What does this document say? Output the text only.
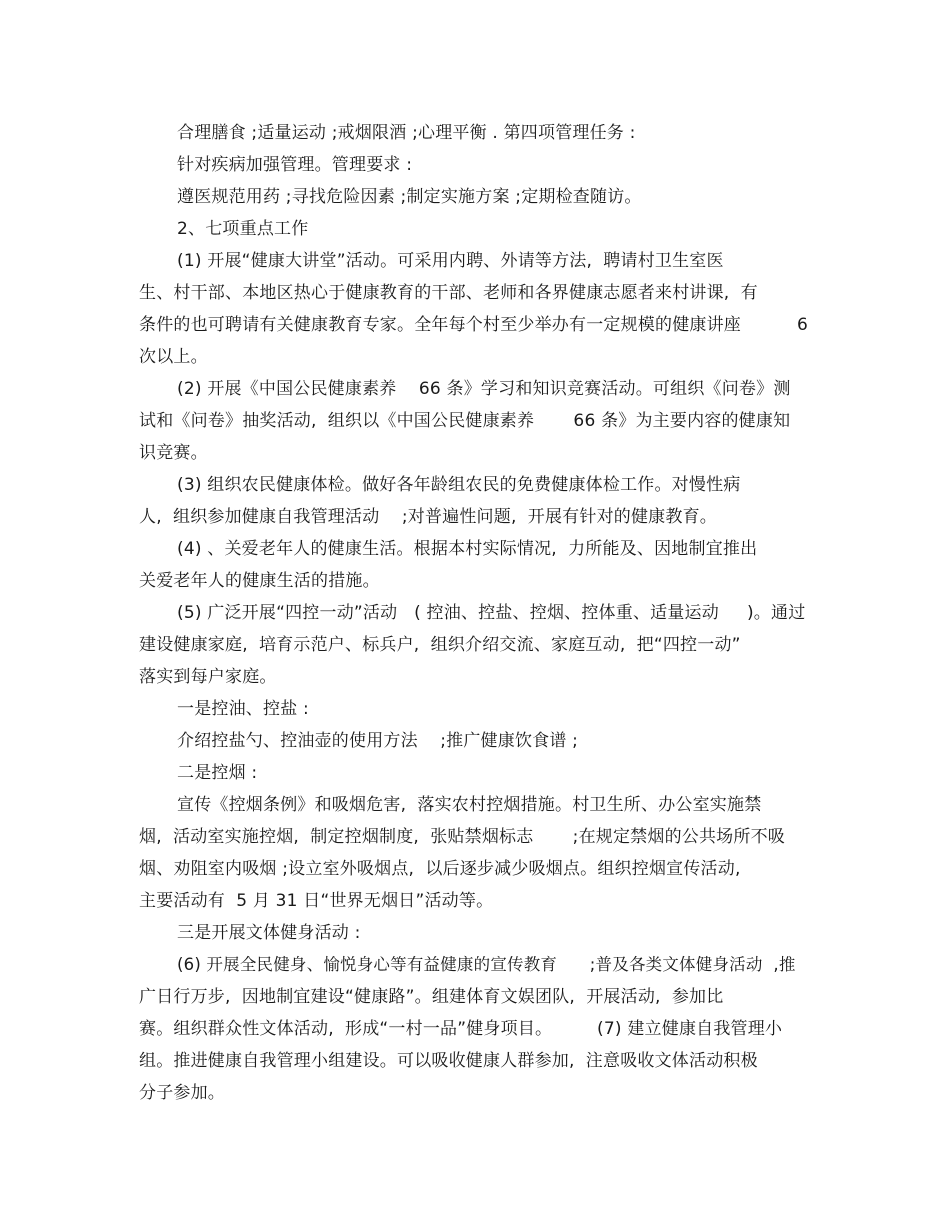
合理膳食 ;适量运动 ;戒烟限酒 ;心理平衡 . 第四项管理任务 :
针对疾病加强管理。管理要求 :
遵医规范用药 ;寻找危险因素 ;制定实施方案 ;定期检查随访。
2、七项重点工作
(1) 开展“健康大讲堂”活动。可采用内聘、外请等方法,  聘请村卫生室医
生、村干部、本地区热心于健康教育的干部、老师和各界健康志愿者来村讲课,  有
条件的也可聘请有关健康教育专家。全年每个村至少举办有一定规模的健康讲座          6
次以上。
(2) 开展《中国公民健康素养    66 条》学习和知识竞赛活动。可组织《问卷》测
试和《问卷》抽奖活动,  组织以《中国公民健康素养       66 条》为主要内容的健康知
识竞赛。
(3) 组织农民健康体检。做好各年龄组农民的免费健康体检工作。对慢性病
人,  组织参加健康自我管理活动    ;对普遍性问题,  开展有针对的健康教育。
(4) 、关爱老年人的健康生活。根据本村实际情况,  力所能及、因地制宜推出
关爱老年人的健康生活的措施。
(5) 广泛开展“四控一动”活动   ( 控油、控盐、控烟、控体重、适量运动     )。通过
建设健康家庭,  培育示范户、标兵户,  组织介绍交流、家庭互动,  把“四控一动”
落实到每户家庭。
一是控油、控盐 :
介绍控盐勺、控油壶的使用方法    ;推广健康饮食谱 ;
二是控烟 :
宣传《控烟条例》和吸烟危害,  落实农村控烟措施。村卫生所、办公室实施禁
烟,  活动室实施控烟,  制定控烟制度,  张贴禁烟标志       ;在规定禁烟的公共场所不吸
烟、劝阻室内吸烟 ;设立室外吸烟点,  以后逐步减少吸烟点。组织控烟宣传活动,
主要活动有  5 月 31 日“世界无烟日”活动等。
三是开展文体健身活动 :
(6) 开展全民健身、愉悦身心等有益健康的宣传教育      ;普及各类文体健身活动  ,推
广日行万步,  因地制宜建设“健康路”。组建体育文娱团队,  开展活动,  参加比
赛。组织群众性文体活动,  形成“一村一品”健身项目。        (7) 建立健康自我管理小
组。推进健康自我管理小组建设。可以吸收健康人群参加,  注意吸收文体活动积极
分子参加。
